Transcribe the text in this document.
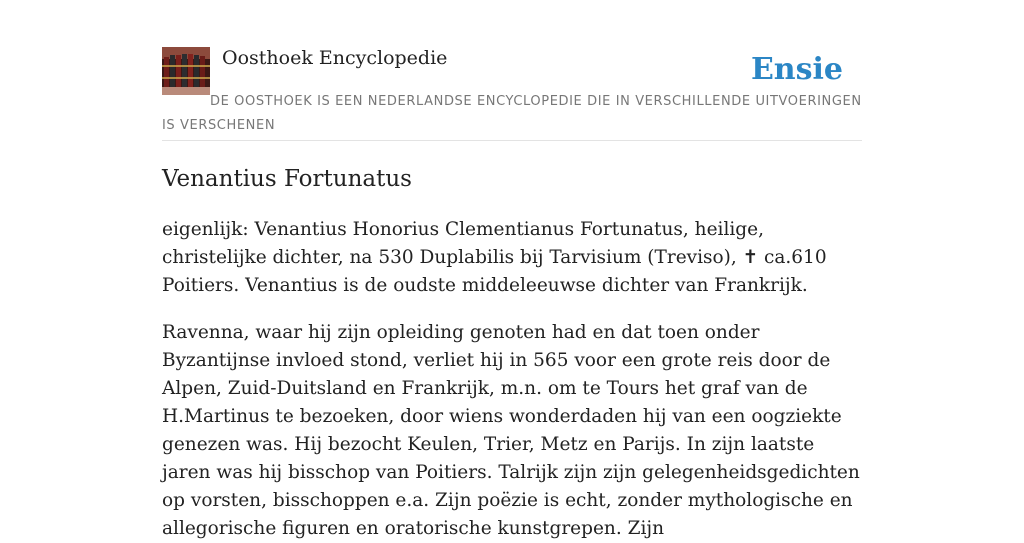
Oosthoek Encyclopedie	Ensie
DE OOSTHOEK IS EEN NEDERLANDSE ENCYCLOPEDIE DIE IN VERSCHILLENDE UITVOERINGEN IS VERSCHENEN
Venantius Fortunatus

eigenlijk: Venantius Honorius Clementianus Fortunatus, heilige, christelijke dichter, na 530 Duplabilis bij Tarvisium (Treviso), ✝ ca.610 Poitiers. Venantius is de oudste middeleeuwse dichter van Frankrijk.

Ravenna, waar hij zijn opleiding genoten had en dat toen onder Byzantijnse invloed stond, verliet hij in 565 voor een grote reis door de Alpen, Zuid-Duitsland en Frankrijk, m.n. om te Tours het graf van de H.Martinus te bezoeken, door wiens wonderdaden hij van een oogziekte genezen was. Hij bezocht Keulen, Trier, Metz en Parijs. In zijn laatste jaren was hij bisschop van Poitiers. Talrijk zijn zijn gelegenheidsgedichten op vorsten, bisschoppen e.a. Zijn poëzie is echt, zonder mythologische en allegorische figuren en oratorische kunstgrepen. Zijn
